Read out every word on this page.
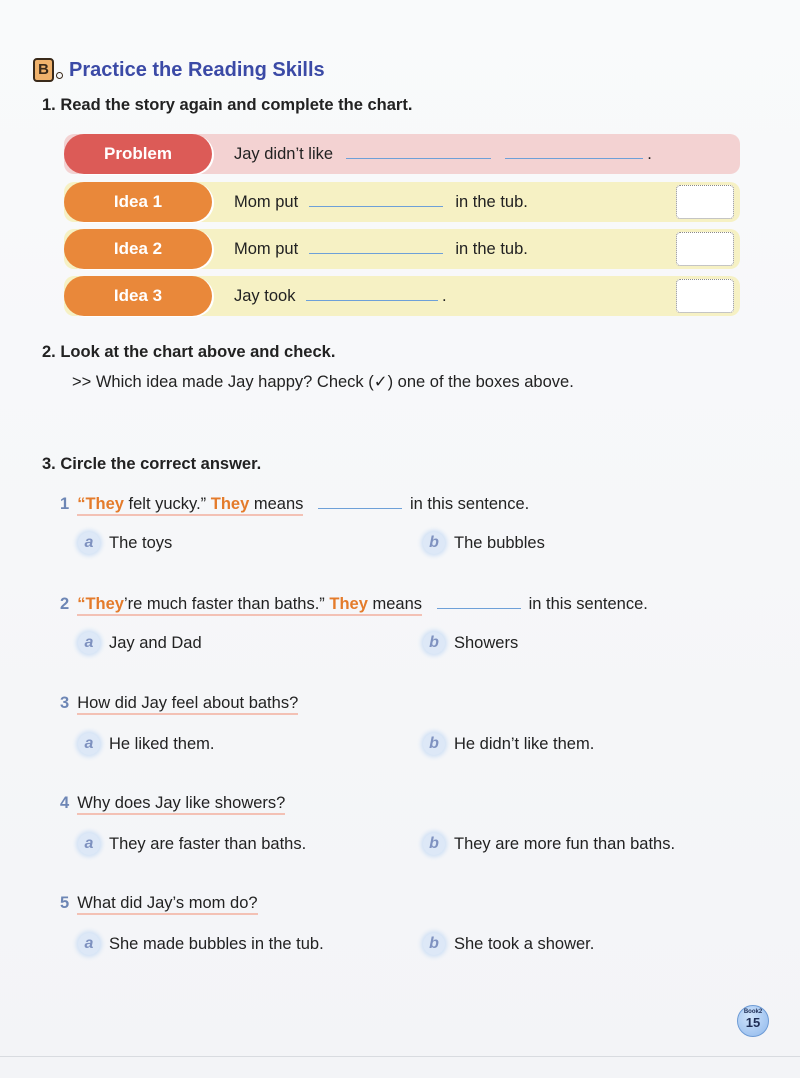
B Practice the Reading Skills
1. Read the story again and complete the chart.
Problem	Jay didn’t like	.
Idea 1	Mom put	in the tub.
Idea 2	Mom put	in the tub.
Idea 3	Jay took	.
2. Look at the chart above and check.
>> Which idea made Jay happy? Check (✓) one of the boxes above.
3. Circle the correct answer.
1 “They felt yucky.” They means	in this sentence.
a The toys	b The bubbles
2 “They’re much faster than baths.” They means	in this sentence.
a Jay and Dad	b Showers
3 How did Jay feel about baths?
a He liked them.	b He didn’t like them.
4 Why does Jay like showers?
a They are faster than baths.	b They are more fun than baths.
5 What did Jay’s mom do?
a She made bubbles in the tub.	b She took a shower.
Book2
15
